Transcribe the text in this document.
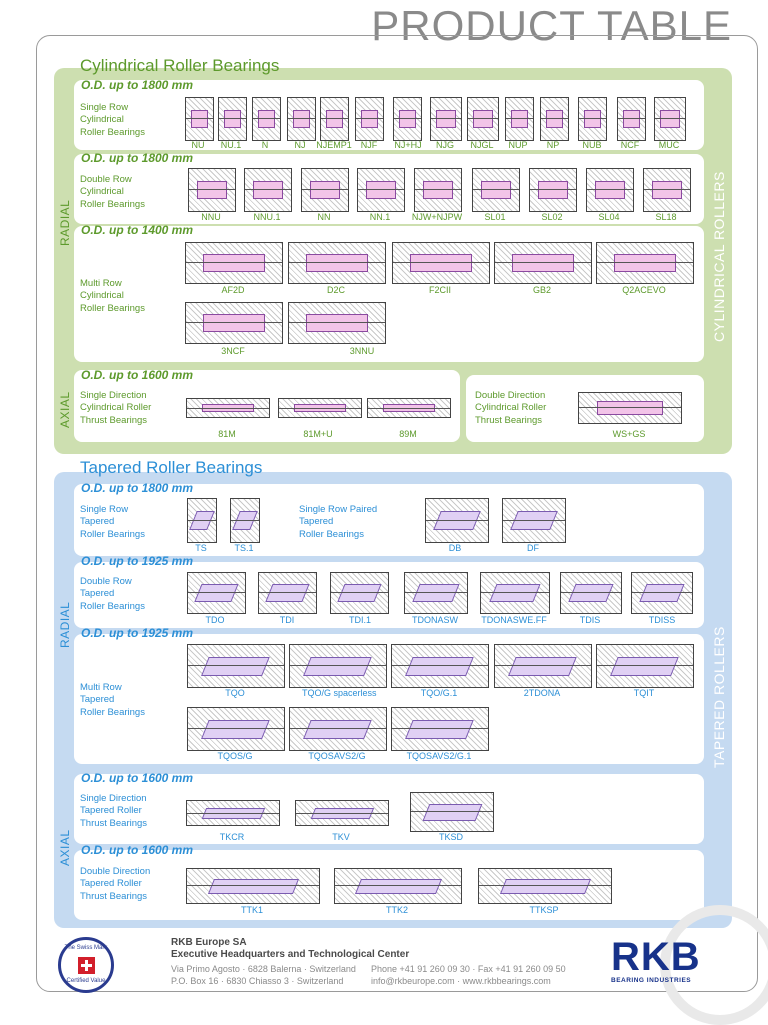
PRODUCT TABLE
CYLINDRICAL ROLLERS
RADIAL
AXIAL
Cylindrical Roller Bearings
O.D. up to 1800 mm
Single Row
Cylindrical
Roller Bearings
NU	NU.1	N	NJ	NJEMP1	NJF	NJ+HJ	NJG	NJGL	NUP	NP	NUB	NCF	MUC
O.D. up to 1800 mm
Double Row
Cylindrical
Roller Bearings
NNU	NNU.1	NN	NN.1	NJW+NJPW	SL01	SL02	SL04	SL18
O.D. up to 1400 mm
Multi Row
Cylindrical
Roller Bearings
AF2D	D2C	F2CII	GB2	Q2ACEVO
3NCF	3NNU
O.D. up to 1600 mm
Single Direction
Cylindrical Roller
Thrust Bearings
81M	81M+U	89M
Double Direction
Cylindrical Roller
Thrust Bearings
WS+GS
TAPERED ROLLERS
RADIAL
AXIAL
Tapered Roller Bearings
O.D. up to 1800 mm
Single Row
Tapered
Roller Bearings
TS	TS.1
Single Row Paired
Tapered
Roller Bearings
DB	DF
O.D. up to 1925 mm
Double Row
Tapered
Roller Bearings
TDO	TDI	TDI.1	TDONASW	TDONASWE.FF	TDIS	TDISS
O.D. up to 1925 mm
Multi Row
Tapered
Roller Bearings
TQO	TQO/G spacerless	TQO/G.1	2TDONA	TQIT
TQOS/G	TQOSAVS2/G	TQOSAVS2/G.1
O.D. up to 1600 mm
Single Direction
Tapered Roller
Thrust Bearings
TKCR	TKV	TKSD
O.D. up to 1600 mm
Double Direction
Tapered Roller
Thrust Bearings
TTK1	TTK2	TTKSP
The Swiss Mark
Certified Value
RKB Europe SA
Executive Headquarters and Technological Center
Via Primo Agosto · 6828 Balerna · Switzerland
P.O. Box 16 · 6830 Chiasso 3 · Switzerland
Phone +41 91 260 09 30 · Fax +41 91 260 09 50
info@rkbeurope.com · www.rkbbearings.com
RKB
BEARING INDUSTRIES
